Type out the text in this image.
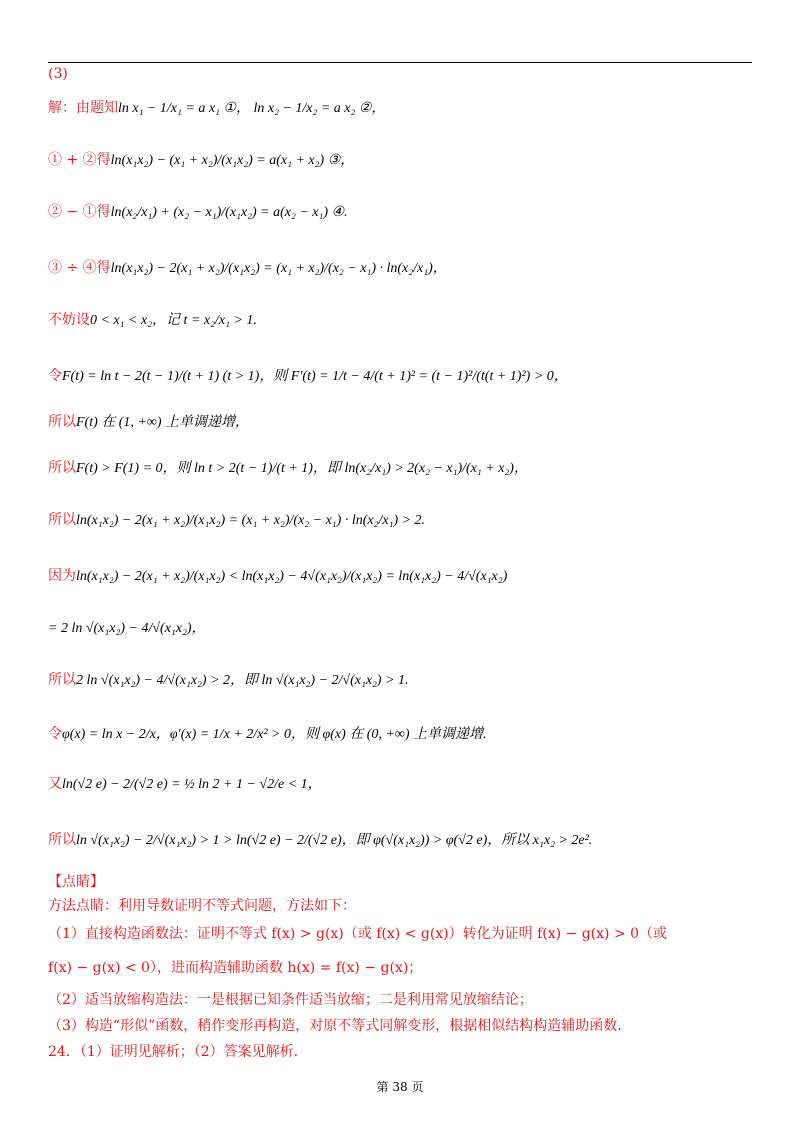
(3)
解：由题知ln x₁ − 1/x₁ = a x₁ ①， ln x₂ − 1/x₂ = a x₂ ②，
① + ②得ln(x₁x₂) − (x₁ + x₂)/(x₁x₂) = a(x₁ + x₂) ③，
② − ①得ln(x₂/x₁) + (x₂ − x₁)/(x₁x₂) = a(x₂ − x₁) ④.
③ ÷ ④得ln(x₁x₂) − 2(x₁ + x₂)/(x₁x₂) = (x₁ + x₂)/(x₂ − x₁) · ln(x₂/x₁)，
不妨设0 < x₁ < x₂，记 t = x₂/x₁ > 1.
令F(t) = ln t − 2(t − 1)/(t + 1) (t > 1)，则 F′(t) = 1/t − 4/(t + 1)² = (t − 1)²/(t(t + 1)²) > 0，
所以F(t) 在 (1, +∞) 上单调递增，
所以F(t) > F(1) = 0，则 ln t > 2(t − 1)/(t + 1)，即 ln(x₂/x₁) > 2(x₂ − x₁)/(x₁ + x₂)，
所以ln(x₁x₂) − 2(x₁ + x₂)/(x₁x₂) = (x₁ + x₂)/(x₂ − x₁) · ln(x₂/x₁) > 2.
因为ln(x₁x₂) − 2(x₁ + x₂)/(x₁x₂) < ln(x₁x₂) − 4√(x₁x₂)/(x₁x₂) = ln(x₁x₂) − 4/√(x₁x₂)
= 2 ln √(x₁x₂) − 4/√(x₁x₂)，
所以2 ln √(x₁x₂) − 4/√(x₁x₂) > 2，即 ln √(x₁x₂) − 2/√(x₁x₂) > 1.
令φ(x) = ln x − 2/x，φ′(x) = 1/x + 2/x² > 0，则 φ(x) 在 (0, +∞) 上单调递增.
又ln(√2 e) − 2/(√2 e) = ½ ln 2 + 1 − √2/e < 1，
所以ln √(x₁x₂) − 2/√(x₁x₂) > 1 > ln(√2 e) − 2/(√2 e)，即 φ(√(x₁x₂)) > φ(√2 e)，所以 x₁x₂ > 2e².
【点睛】
方法点睛：利用导数证明不等式问题，方法如下：
（1）直接构造函数法：证明不等式 f(x) > g(x)（或 f(x) < g(x)）转化为证明 f(x) − g(x) > 0（或
f(x) − g(x) < 0），进而构造辅助函数 h(x) = f(x) − g(x)；
（2）适当放缩构造法：一是根据已知条件适当放缩；二是利用常见放缩结论；
（3）构造“形似”函数，稍作变形再构造，对原不等式同解变形，根据相似结构构造辅助函数.
24．（1）证明见解析；（2）答案见解析.
第 38 页
